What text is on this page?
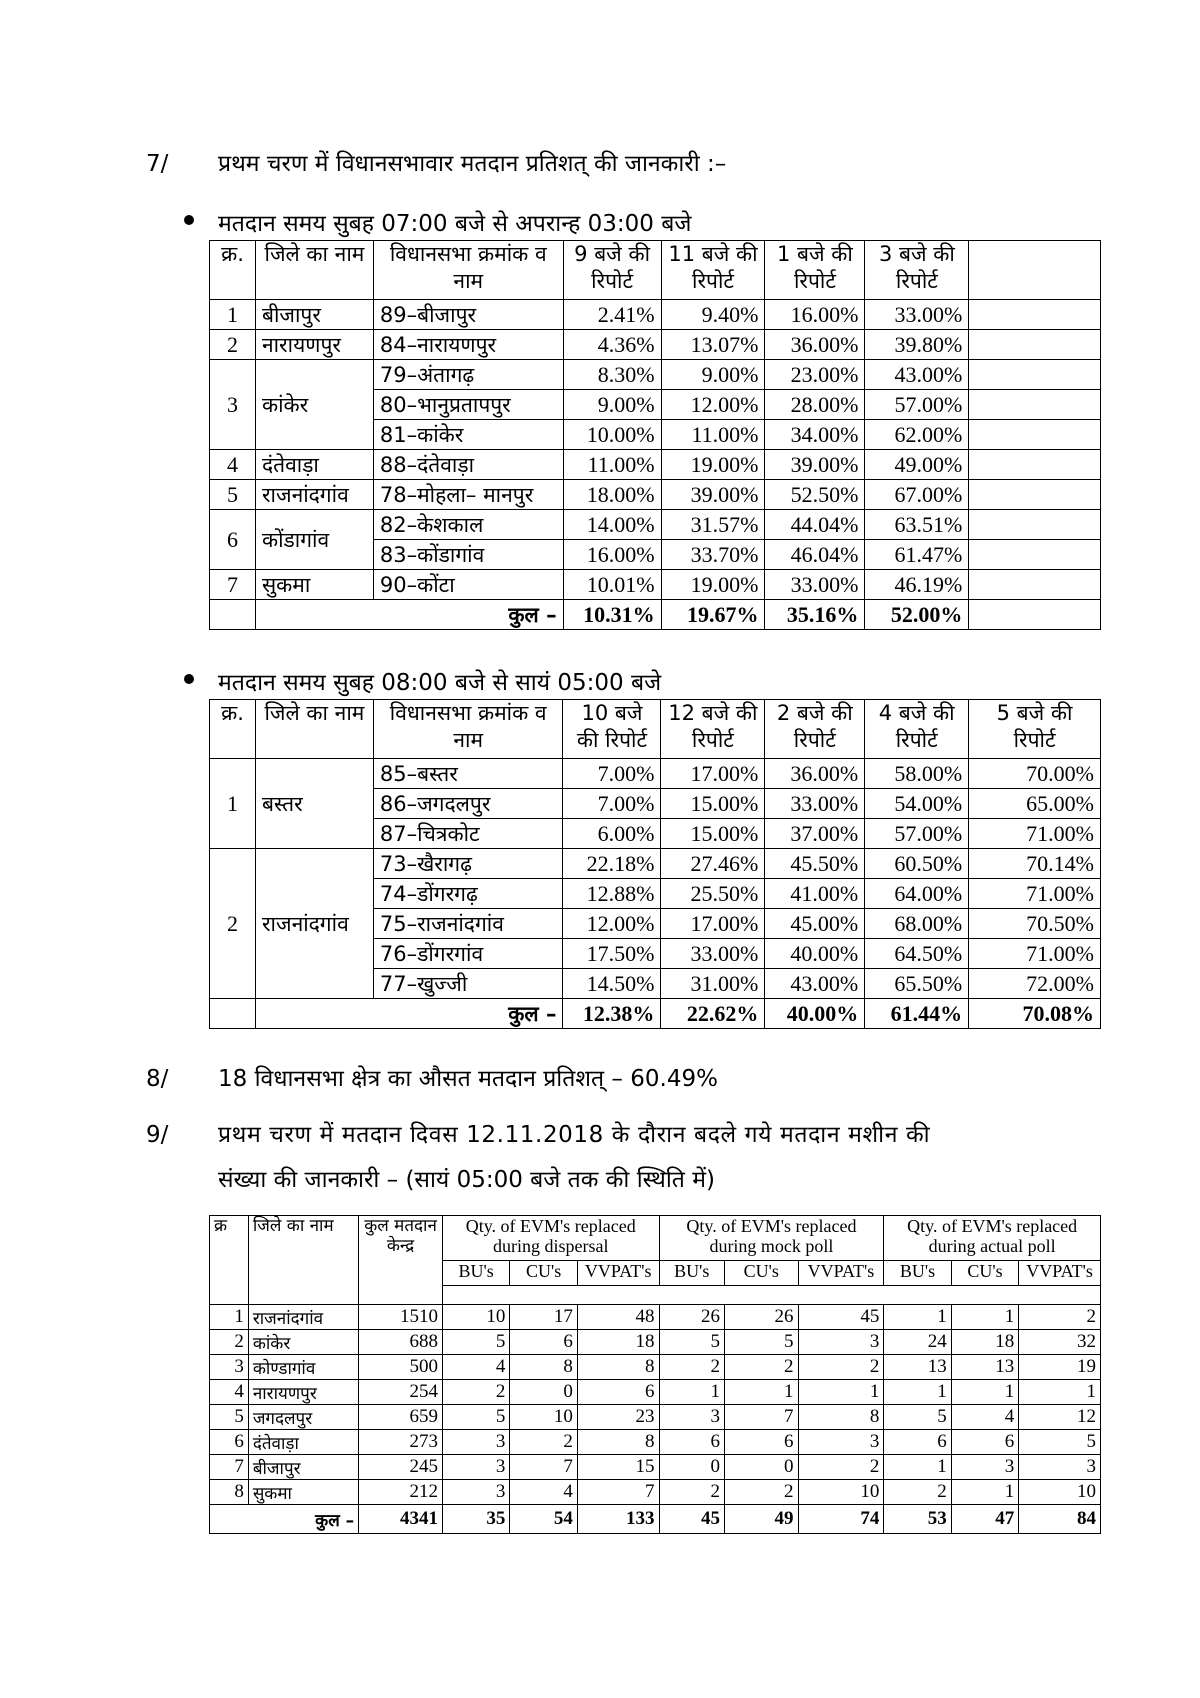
7/ प्रथम चरण में विधानसभावार मतदान प्रतिशत् की जानकारी :–
मतदान समय सुबह 07:00 बजे से अपरान्ह 03:00 बजे
क्र.	जिले का नाम	विधानसभा क्रमांक व नाम	9 बजे की रिपोर्ट	11 बजे की रिपोर्ट	1 बजे की रिपोर्ट	3 बजे की रिपोर्ट	
1	बीजापुर	89–बीजापुर	2.41%	9.40%	16.00%	33.00%	
2	नारायणपुर	84–नारायणपुर	4.36%	13.07%	36.00%	39.80%	
3	कांकेर	79–अंतागढ़	8.30%	9.00%	23.00%	43.00%	
		80–भानुप्रतापपुर	9.00%	12.00%	28.00%	57.00%	
		81–कांकेर	10.00%	11.00%	34.00%	62.00%	
4	दंतेवाड़ा	88–दंतेवाड़ा	11.00%	19.00%	39.00%	49.00%	
5	राजनांदगांव	78–मोहला– मानपुर	18.00%	39.00%	52.50%	67.00%	
6	कोंडागांव	82–केशकाल	14.00%	31.57%	44.04%	63.51%	
		83–कोंडागांव	16.00%	33.70%	46.04%	61.47%	
7	सुकमा	90–कोंटा	10.01%	19.00%	33.00%	46.19%	
	कुल –		10.31%	19.67%	35.16%	52.00%	
मतदान समय सुबह 08:00 बजे से सायं 05:00 बजे
क्र.	जिले का नाम	विधानसभा क्रमांक व नाम	10 बजे की रिपोर्ट	12 बजे की रिपोर्ट	2 बजे की रिपोर्ट	4 बजे की रिपोर्ट	5 बजे की रिपोर्ट
1	बस्तर	85–बस्तर	7.00%	17.00%	36.00%	58.00%	70.00%
		86–जगदलपुर	7.00%	15.00%	33.00%	54.00%	65.00%
		87–चित्रकोट	6.00%	15.00%	37.00%	57.00%	71.00%
2	राजनांदगांव	73–खैरागढ़	22.18%	27.46%	45.50%	60.50%	70.14%
		74–डोंगरगढ़	12.88%	25.50%	41.00%	64.00%	71.00%
		75–राजनांदगांव	12.00%	17.00%	45.00%	68.00%	70.50%
		76–डोंगरगांव	17.50%	33.00%	40.00%	64.50%	71.00%
		77–खुज्जी	14.50%	31.00%	43.00%	65.50%	72.00%
	कुल –		12.38%	22.62%	40.00%	61.44%	70.08%
8/ 18 विधानसभा क्षेत्र का औसत मतदान प्रतिशत् – 60.49%
9/ प्रथम चरण में मतदान दिवस 12.11.2018 के दौरान बदले गये मतदान मशीन की
संख्या की जानकारी – (सायं 05:00 बजे तक की स्थिति में)
क्र	जिले का नाम	कुल मतदान केन्द्र	Qty. of EVM's replaced during dispersal			Qty. of EVM's replaced during mock poll			Qty. of EVM's replaced during actual poll		
			BU's	CU's	VVPAT's	BU's	CU's	VVPAT's	BU's	CU's	VVPAT's

1	राजनांदगांव	1510	10	17	48	26	26	45	1	1	2
2	कांकेर	688	5	6	18	5	5	3	24	18	32
3	कोण्डागांव	500	4	8	8	2	2	2	13	13	19
4	नारायणपुर	254	2	0	6	1	1	1	1	1	1
5	जगदलपुर	659	5	10	23	3	7	8	5	4	12
6	दंतेवाड़ा	273	3	2	8	6	6	3	6	6	5
7	बीजापुर	245	3	7	15	0	0	2	1	3	3
8	सुकमा	212	3	4	7	2	2	10	2	1	10
कुल –		4341	35	54	133	45	49	74	53	47	84
